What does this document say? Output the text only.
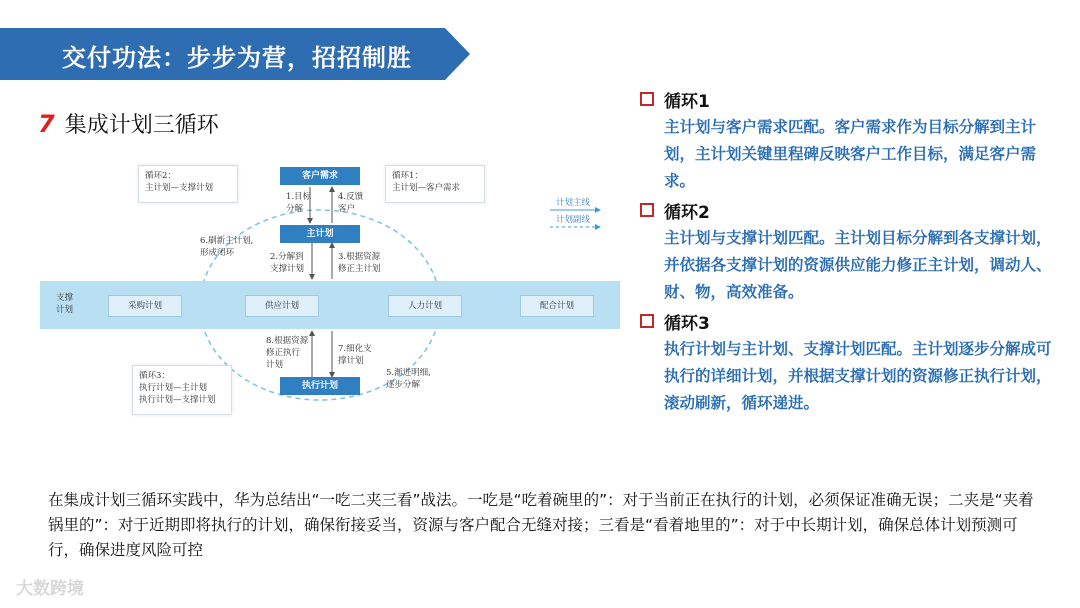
交付功法：步步为营，招招制胜
7 集成计划三循环
支撑
计划	采购计划	供应计划	人力计划	配合计划
客户需求
主计划
执行计划
循环2：
主计划—支撑计划
循环1：
主计划—客户需求
循环3：
执行计划—主计划
执行计划—支撑计划
1.目标
分解
4.反馈
客户
6.刷新主计划,
形成闭环	2.分解到
支撑计划
3.根据资源
修正主计划
8.根据资源
修正执行
计划
7.细化支
撑计划
5.渐进明细,
逐步分解
计划主线
计划副线
循环1
主计划与客户需求匹配。客户需求作为目标分解到主计划，主计划关键里程碑反映客户工作目标，满足客户需求。
循环2
主计划与支撑计划匹配。主计划目标分解到各支撑计划，并依据各支撑计划的资源供应能力修正主计划，调动人、财、物，高效准备。
循环3
执行计划与主计划、支撑计划匹配。主计划逐步分解成可执行的详细计划，并根据支撑计划的资源修正执行计划，滚动刷新，循环递进。
在集成计划三循环实践中，华为总结出“一吃二夹三看”战法。一吃是“吃着碗里的”：对于当前正在执行的计划，必须保证准确无误；二夹是“夹着锅里的”：对于近期即将执行的计划，确保衔接妥当，资源与客户配合无缝对接；三看是“看着地里的”：对于中长期计划，确保总体计划预测可行，确保进度风险可控
大数跨境
